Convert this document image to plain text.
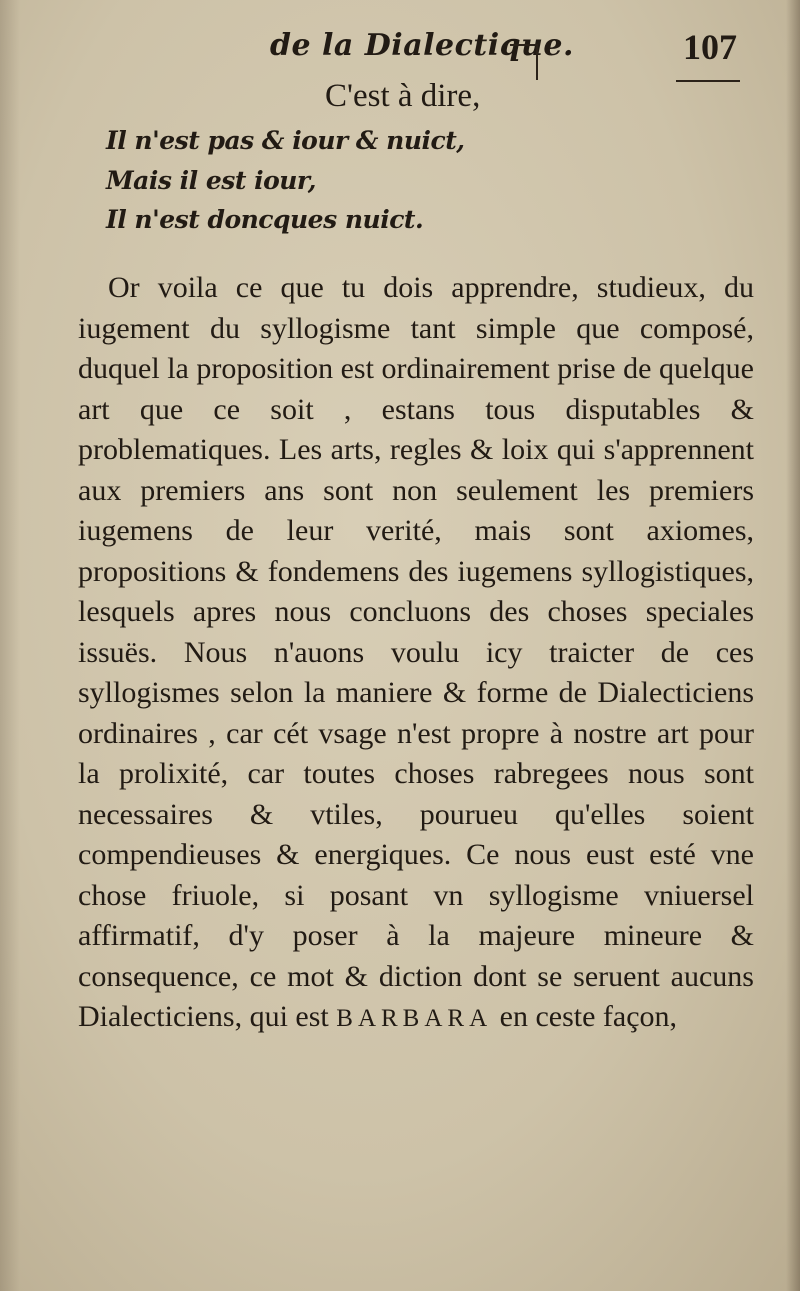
de la Dialectique.	107
C'est à dire,
Il n'est pas & iour & nuict,
Mais il est iour,
Il n'est doncques nuict.

Or voila ce que tu dois apprendre, studieux, du iugement du syllogisme tant simple que composé, duquel la proposition est ordinairement prise de quelque art que ce soit , estans tous disputables & problematiques. Les arts, regles & loix qui s'apprennent aux premiers ans sont non seulement les premiers iugemens de leur verité, mais sont axiomes, propositions & fondemens des iugemens syllogistiques, lesquels apres nous concluons des choses speciales issuës. Nous n'auons voulu icy traicter de ces syllogismes selon la maniere & forme de Dialecticiens ordinaires , car cét vsage n'est propre à nostre art pour la prolixité, car toutes choses rabregees nous sont necessaires & vtiles, pourueu qu'elles soient compendieuses & energiques. Ce nous eust esté vne chose friuole, si posant vn syllogisme vniuersel affirmatif, d'y poser à la majeure mineure & consequence, ce mot & diction dont se seruent aucuns Dialecticiens, qui est BARBARA en ceste façon,
